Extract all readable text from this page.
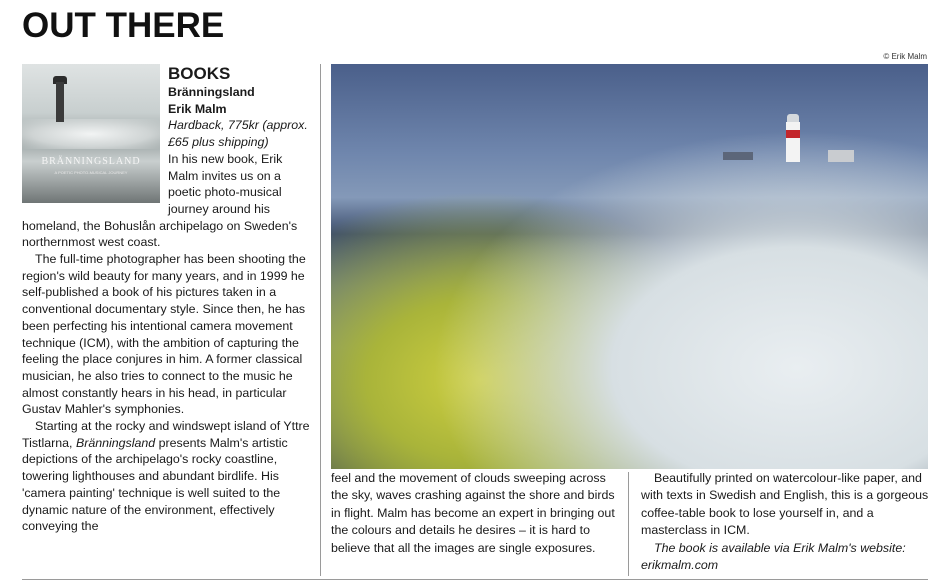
OUT THERE
© Erik Malm
BRÄNNINGSLAND
A POETIC PHOTO-MUSICAL JOURNEY
BOOKS
Bränningsland
Erik Malm
Hardback, 775kr (approx. £65 plus shipping)

In his new book, Erik Malm invites us on a poetic photo-musical journey around his homeland, the Bohuslån archipelago on Sweden's northernmost west coast.

The full-time photographer has been shooting the region's wild beauty for many years, and in 1999 he self-published a book of his pictures taken in a conventional documentary style. Since then, he has been perfecting his intentional camera movement technique (ICM), with the ambition of capturing the feeling the place conjures in him. A former classical musician, he also tries to connect to the music he almost constantly hears in his head, in particular Gustav Mahler's symphonies.

Starting at the rocky and windswept island of Yttre Tistlarna, Bränningsland presents Malm's artistic depictions of the archipelago's rocky coastline, towering lighthouses and abundant birdlife. His 'camera painting' technique is well suited to the dynamic nature of the environment, effectively conveying the

feel and the movement of clouds sweeping across the sky, waves crashing against the shore and birds in flight. Malm has become an expert in bringing out the colours and details he desires – it is hard to believe that all the images are single exposures.

Beautifully printed on watercolour-like paper, and with texts in Swedish and English, this is a gorgeous coffee-table book to lose yourself in, and a masterclass in ICM.

The book is available via Erik Malm's website: erikmalm.com
